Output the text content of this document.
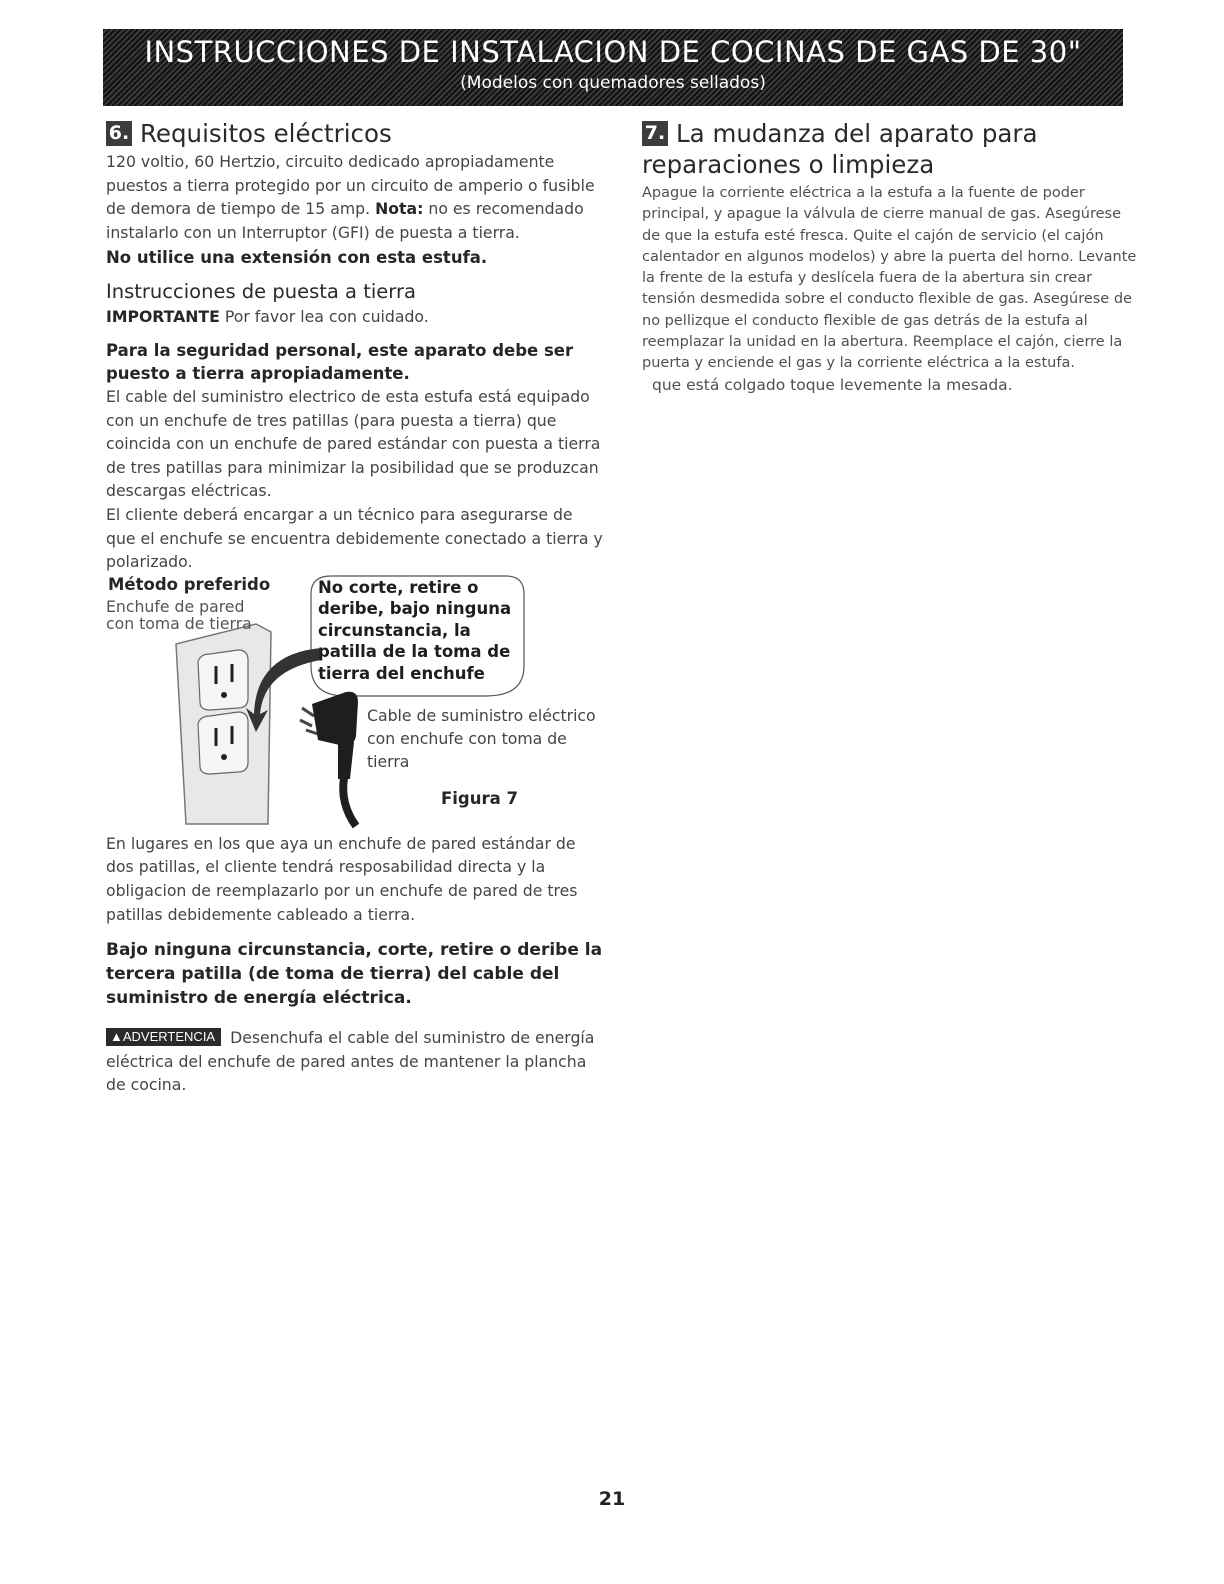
INSTRUCCIONES DE INSTALACION DE COCINAS DE GAS DE 30"
(Modelos con quemadores sellados)
6. Requisitos eléctricos

120 voltio, 60 Hertzio, circuito dedicado apropiadamente puestos a tierra protegido por un circuito de amperio o fusible de demora de tiempo de 15 amp. Nota: no es recomendado instalarlo con un Interruptor (GFI) de puesta a tierra.

No utilice una extensión con esta estufa.

Instrucciones de puesta a tierra

IMPORTANTE Por favor lea con cuidado.

Para la seguridad personal, este aparato debe ser puesto a tierra apropiadamente.

El cable del suministro electrico de esta estufa está equipado con un enchufe de tres patillas (para puesta a tierra) que coincida con un enchufe de pared estándar con puesta a tierra de tres patillas para minimizar la posibilidad que se produzcan descargas eléctricas.

El cliente deberá encargar a un técnico para asegurarse de que el enchufe se encuentra debidemente conectado a tierra y polarizado.

Método preferido
Enchufe de pared con toma de tierra
No corte, retire o deribe, bajo ninguna circunstancia, la patilla de la toma de tierra del enchufe
Cable de suministro eléctrico con enchufe con toma de tierra
Figura 7

En lugares en los que aya un enchufe de pared estándar de dos patillas, el cliente tendrá resposabilidad directa y la obligacion de reemplazarlo por un enchufe de pared de tres patillas debidemente cableado a tierra.

Bajo ninguna circunstancia, corte, retire o deribe la tercera patilla (de toma de tierra) del cable del suministro de energía eléctrica.

▲ADVERTENCIA Desenchufa el cable del suministro de energía eléctrica del enchufe de pared antes de mantener la plancha de cocina.

7. La mudanza del aparato para reparaciones o limpieza

Apague la corriente eléctrica a la estufa a la fuente de poder principal, y apague la válvula de cierre manual de gas. Asegúrese de que la estufa esté fresca. Quite el cajón de servicio (el cajón calentador en algunos modelos) y abre la puerta del horno. Levante la frente de la estufa y deslícela fuera de la abertura sin crear tensión desmedida sobre el conducto flexible de gas. Asegúrese de no pellizque el conducto flexible de gas detrás de la estufa al reemplazar la unidad en la abertura. Reemplace el cajón, cierre la puerta y enciende el gas y la corriente eléctrica a la estufa.

que está colgado toque levemente la mesada.

21
